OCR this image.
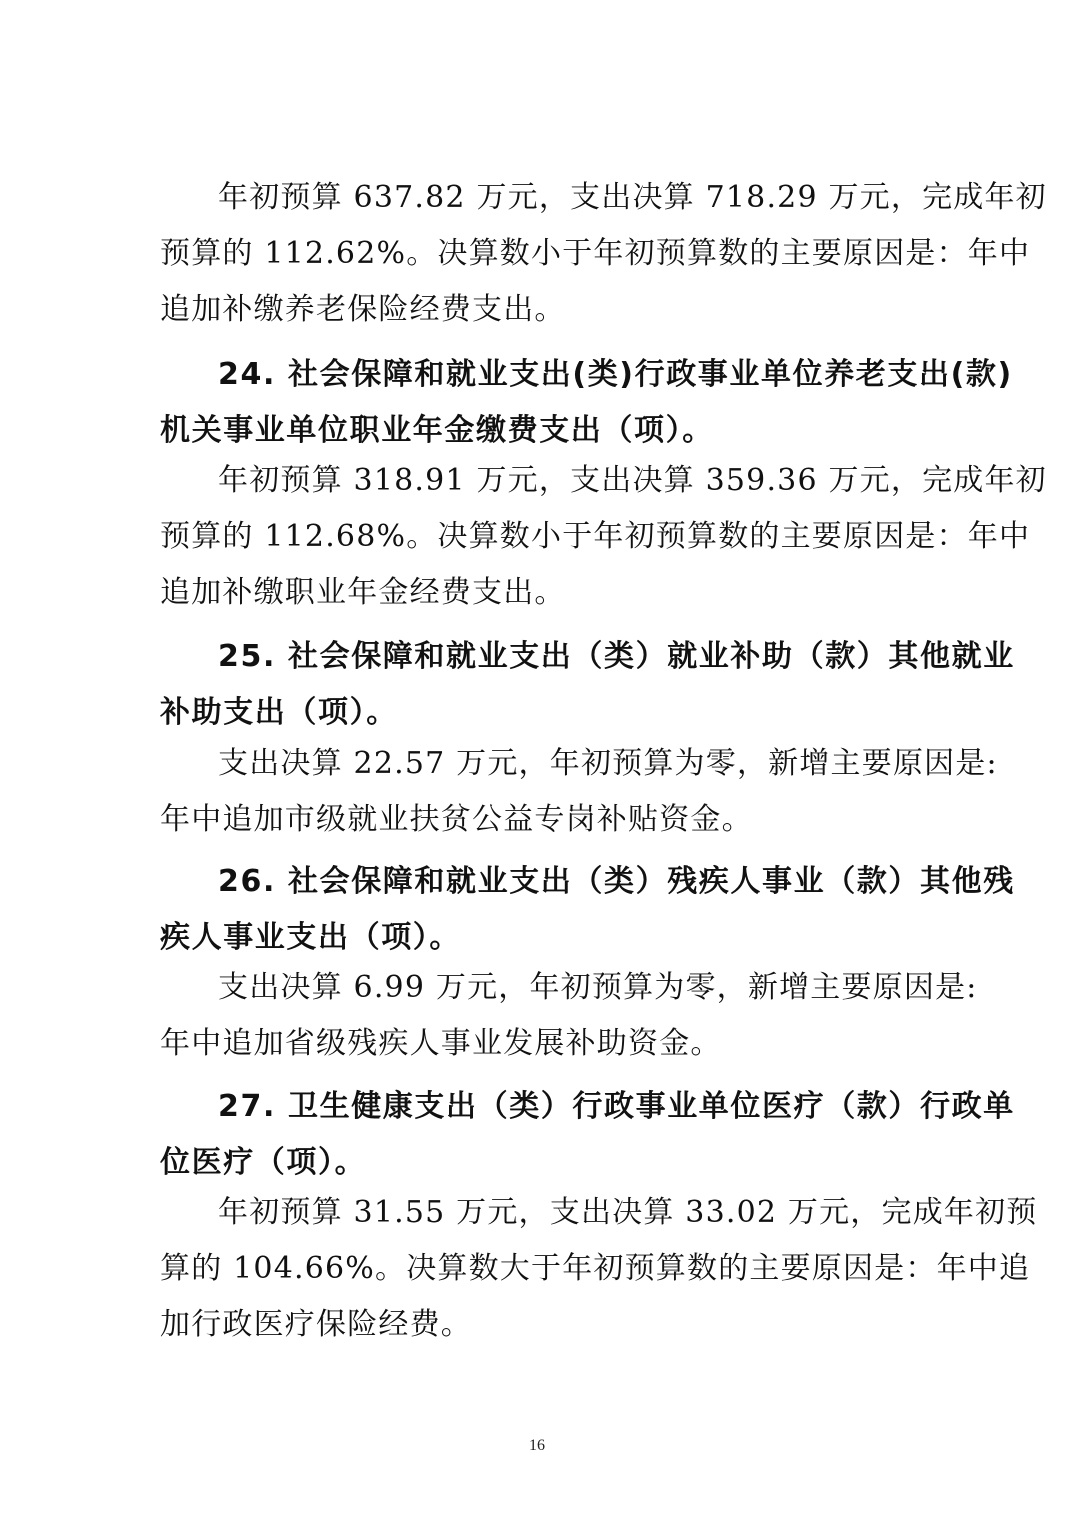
年初预算 637.82 万元，支出决算 718.29 万元，完成年初
预算的 112.62%。决算数小于年初预算数的主要原因是：年中
追加补缴养老保险经费支出。
24. 社会保障和就业支出(类)行政事业单位养老支出(款)
机关事业单位职业年金缴费支出（项）。
年初预算 318.91 万元，支出决算 359.36 万元，完成年初
预算的 112.68%。决算数小于年初预算数的主要原因是：年中
追加补缴职业年金经费支出。
25. 社会保障和就业支出（类）就业补助（款）其他就业
补助支出（项）。
支出决算 22.57 万元，年初预算为零，新增主要原因是:
年中追加市级就业扶贫公益专岗补贴资金。
26. 社会保障和就业支出（类）残疾人事业（款）其他残
疾人事业支出（项）。
支出决算 6.99 万元，年初预算为零，新增主要原因是:
年中追加省级残疾人事业发展补助资金。
27. 卫生健康支出（类）行政事业单位医疗（款）行政单
位医疗（项）。
年初预算 31.55 万元，支出决算 33.02 万元，完成年初预
算的 104.66%。决算数大于年初预算数的主要原因是：年中追
加行政医疗保险经费。
16
